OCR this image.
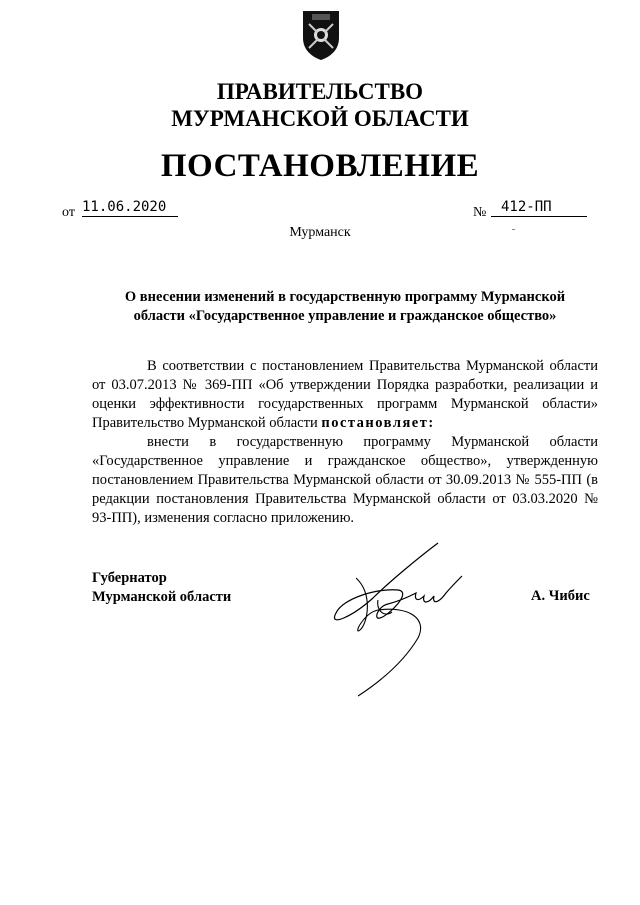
ПРАВИТЕЛЬСТВО
МУРМАНСКОЙ ОБЛАСТИ
ПОСТАНОВЛЕНИЕ
от 11.06.2020	№	412-ПП
Мурманск
О внесении изменений в государственную программу Мурманской
области «Государственное управление и гражданское общество»

В соответствии с постановлением Правительства Мурманской области от 03.07.2013 № 369-ПП «Об утверждении Порядка разработки, реализации и оценки эффективности государственных программ Мурманской области» Правительство Мурманской области постановляет:

внести в государственную программу Мурманской области «Государственное управление и гражданское общество», утвержденную постановлением Правительства Мурманской области от 30.09.2013 № 555-ПП (в редакции постановления Правительства Мурманской области от 03.03.2020 № 93-ПП), изменения согласно приложению.

Губернатор
Мурманской области	А. Чибис
